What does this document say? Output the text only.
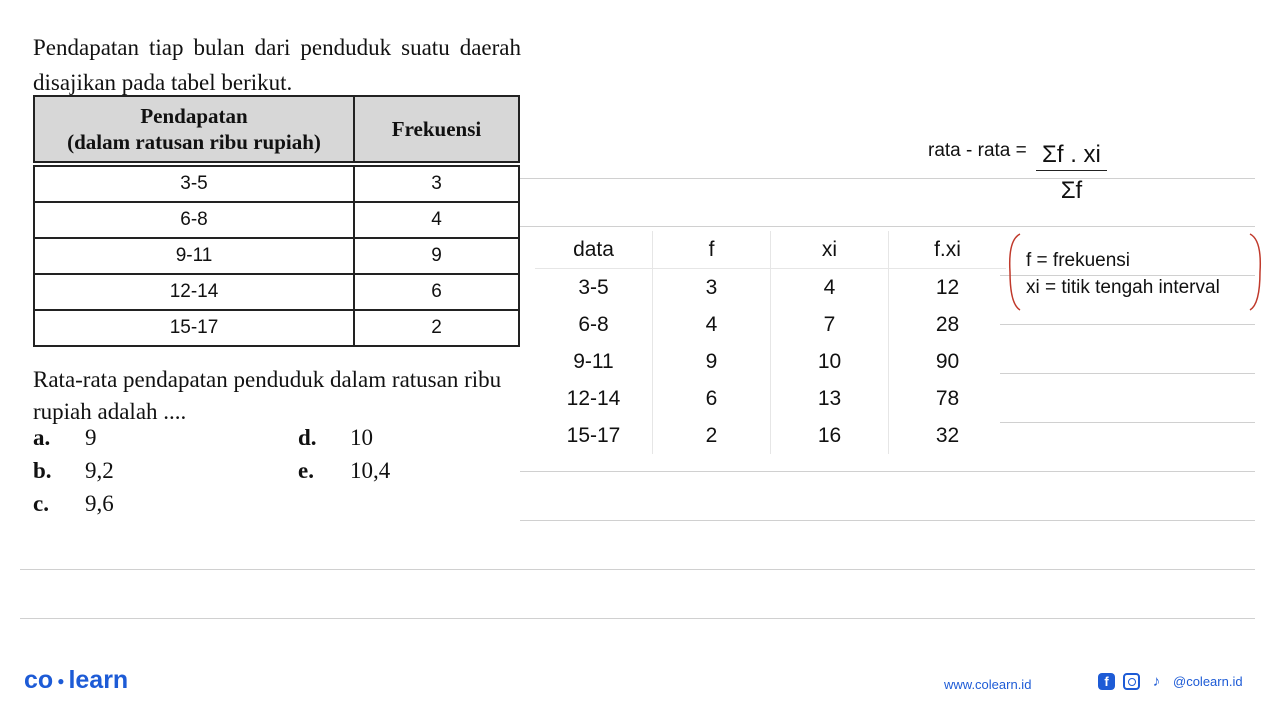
Pendapatan tiap bulan dari penduduk suatu daerah disajikan pada tabel berikut.
Pendapatan
(dalam ratusan ribu rupiah)	Frekuensi

3-5	3
6-8	4
9-11	9
12-14	6
15-17	2
Rata-rata pendapatan penduduk dalam ratusan ribu rupiah adalah ....
a. 9
b. 9,2
c. 9,6
d. 10
e. 10,4
rata - rata = $\frac{\Sigma f . xi}{\Sigma f}$
data	f	xi	f.xi
3-5	3	4	12
6-8	4	7	28
9-11	9	10	90
12-14	6	13	78
15-17	2	16	32
f = frekuensi
xi = titik tengah interval
co ● learn	www.colearn.id	f	♪ @colearn.id
